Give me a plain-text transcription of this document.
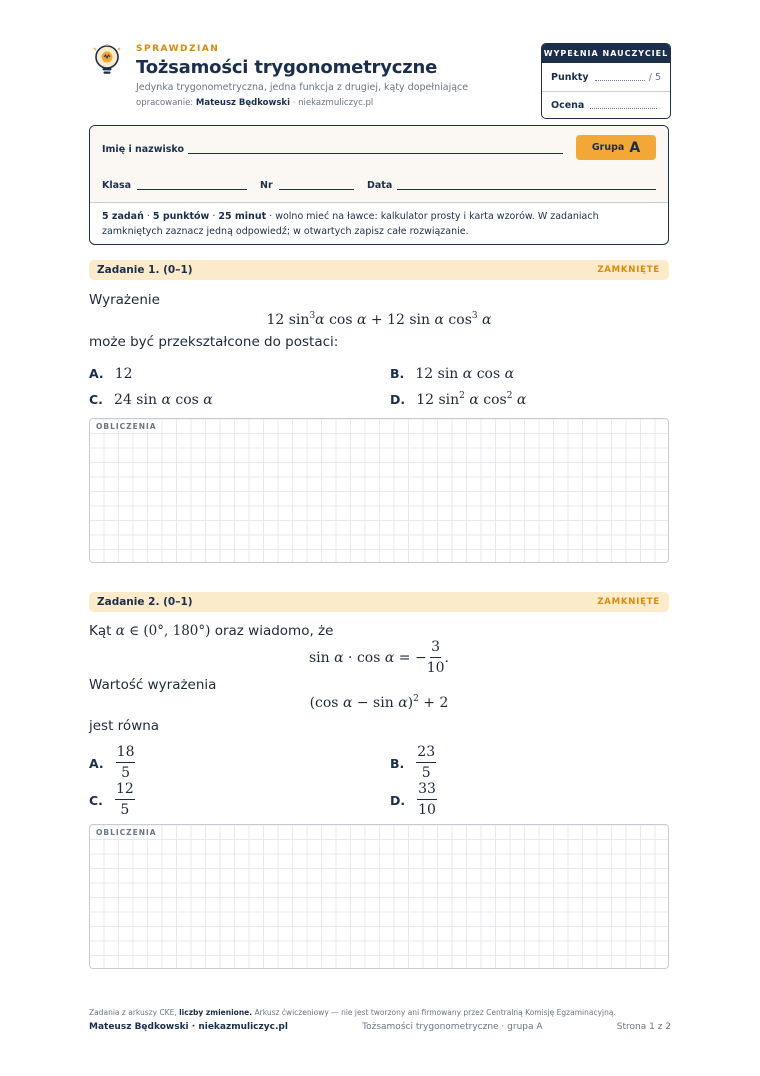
SPRAWDZIAN
Tożsamości trygonometryczne
Jedynka trygonometryczna, jedna funkcja z drugiej, kąty dopełniające
opracowanie: Mateusz Będkowski · niekazmuliczyc.pl
WYPEŁNIA NAUCZYCIEL
Punkty	/ 5
Ocena
Imię i nazwisko	Grupa A
Klasa	Nr	Data
5 zadań · 5 punktów · 25 minut · wolno mieć na ławce: kalkulator prosty i karta wzorów. W zadaniach zamkniętych zaznacz jedną odpowiedź; w otwartych zapisz całe rozwiązanie.
Zadanie 1. (0–1)	ZAMKNIĘTE
Wyrażenie
12 $\sin^3\alpha$ cos α + 12 sin α $\cos^3 \alpha$
może być przekształcone do postaci:
A. 12	B. 12 sin α cos α
C. 24 sin α cos α	D. 12 $\sin^2 \alpha$ $\cos^2 \alpha$
OBLICZENIA
Zadanie 2. (0–1)	ZAMKNIĘTE
Kąt α ∈ (0°, 180°) oraz wiadomo, że
sin α · cos α = − $\frac{3}{10}$ .
Wartość wyrażenia
(cos α − sin α)$^2$ + 2
jest równa
A. $\frac{18}{5}$	B. $\frac{23}{5}$
C. $\frac{12}{5}$	D. $\frac{33}{10}$
OBLICZENIA
Zadania z arkuszy CKE, liczby zmienione. Arkusz ćwiczeniowy — nie jest tworzony ani firmowany przez Centralną Komisję Egzaminacyjną.
Mateusz Będkowski · niekazmuliczyc.pl	Tożsamości trygonometryczne · grupa A	Strona 1 z 2
